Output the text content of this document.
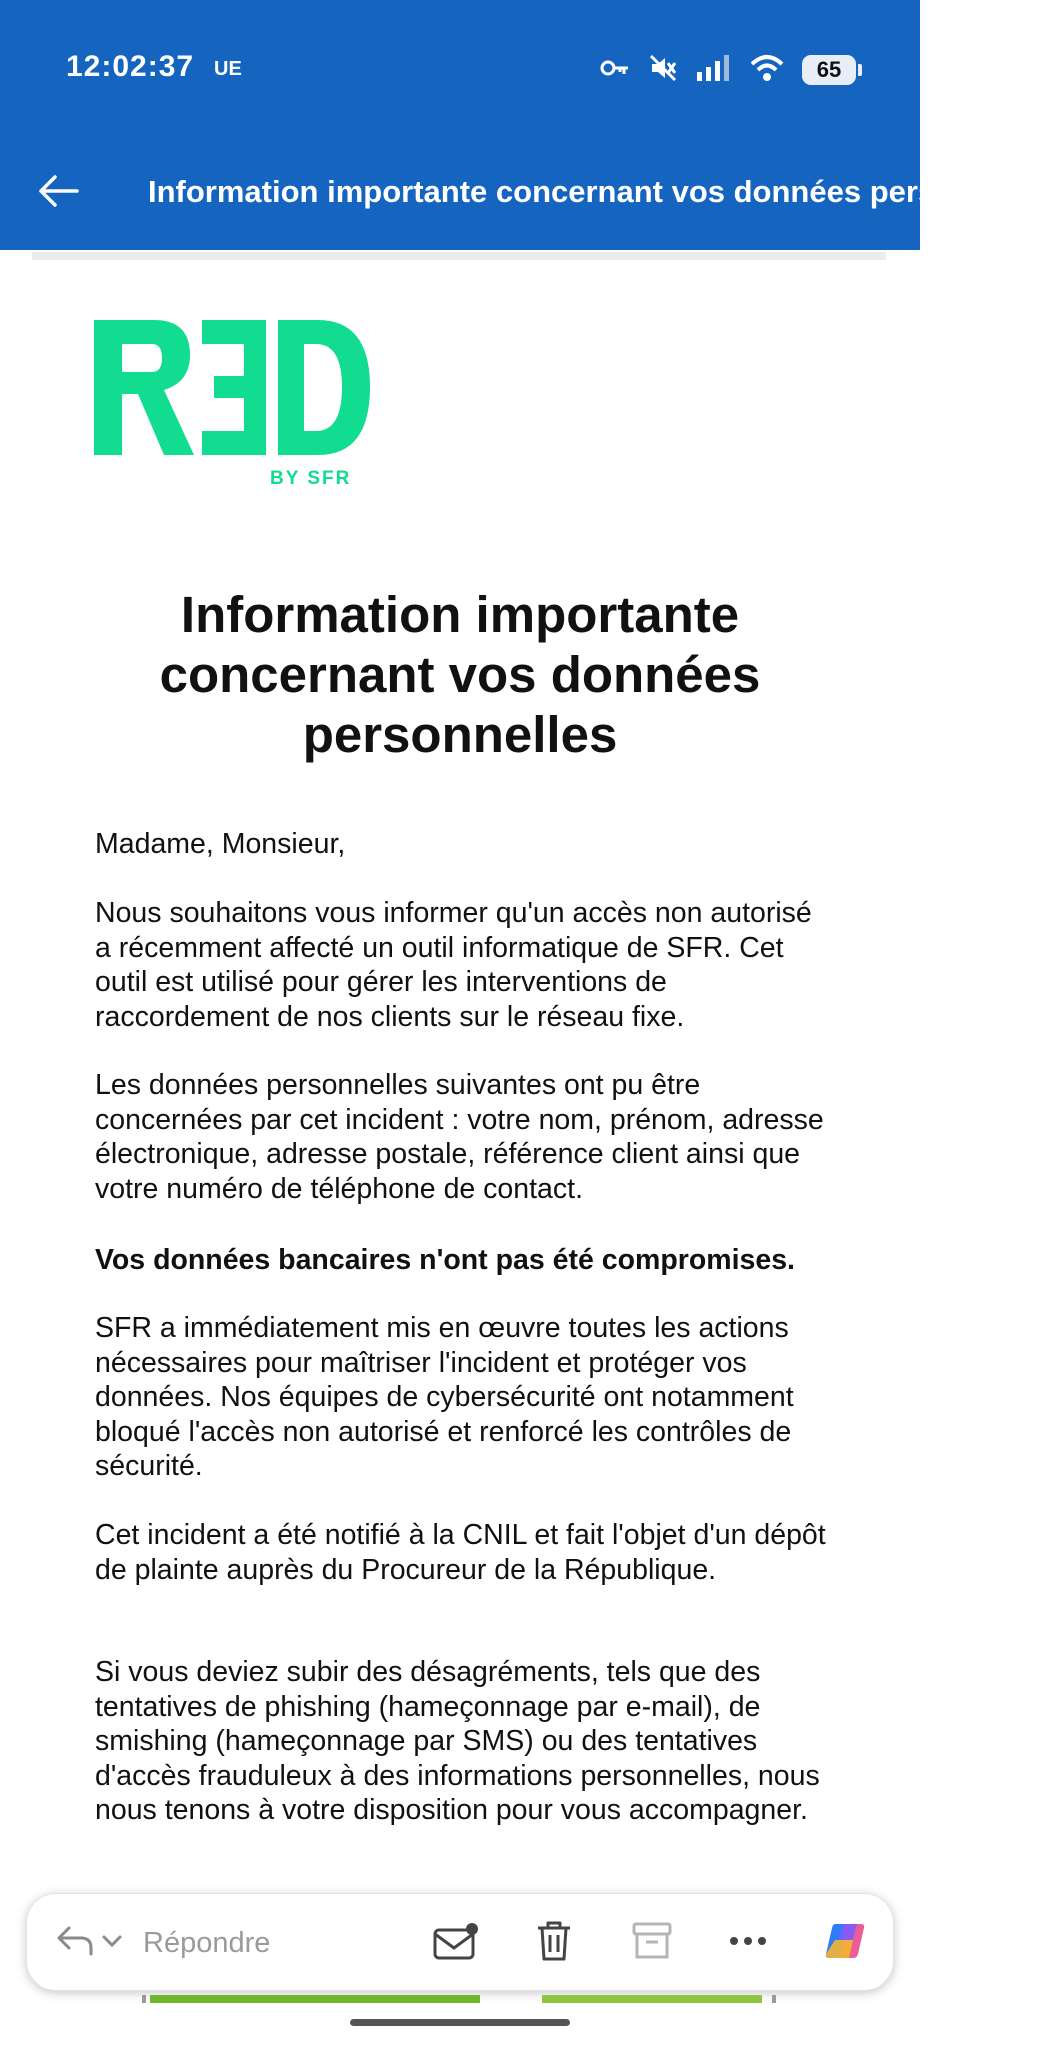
12:02:37 UE	65
Information importante concernant vos données personnelles
BY SFR
Information importante concernant vos données personnelles
Madame, Monsieur,
Nous souhaitons vous informer qu'un accès non autorisé a récemment affecté un outil informatique de SFR. Cet outil est utilisé pour gérer les interventions de raccordement de nos clients sur le réseau fixe.
Les données personnelles suivantes ont pu être concernées par cet incident : votre nom, prénom, adresse électronique, adresse postale, référence client ainsi que votre numéro de téléphone de contact.
Vos données bancaires n'ont pas été compromises.
SFR a immédiatement mis en œuvre toutes les actions nécessaires pour maîtriser l'incident et protéger vos données. Nos équipes de cybersécurité ont notamment bloqué l'accès non autorisé et renforcé les contrôles de sécurité.
Cet incident a été notifié à la CNIL et fait l'objet d'un dépôt de plainte auprès du Procureur de la République.
Si vous deviez subir des désagréments, tels que des tentatives de phishing (hameçonnage par e-mail), de smishing (hameçonnage par SMS) ou des tentatives d'accès frauduleux à des informations personnelles, nous nous tenons à votre disposition pour vous accompagner.
Répondre
